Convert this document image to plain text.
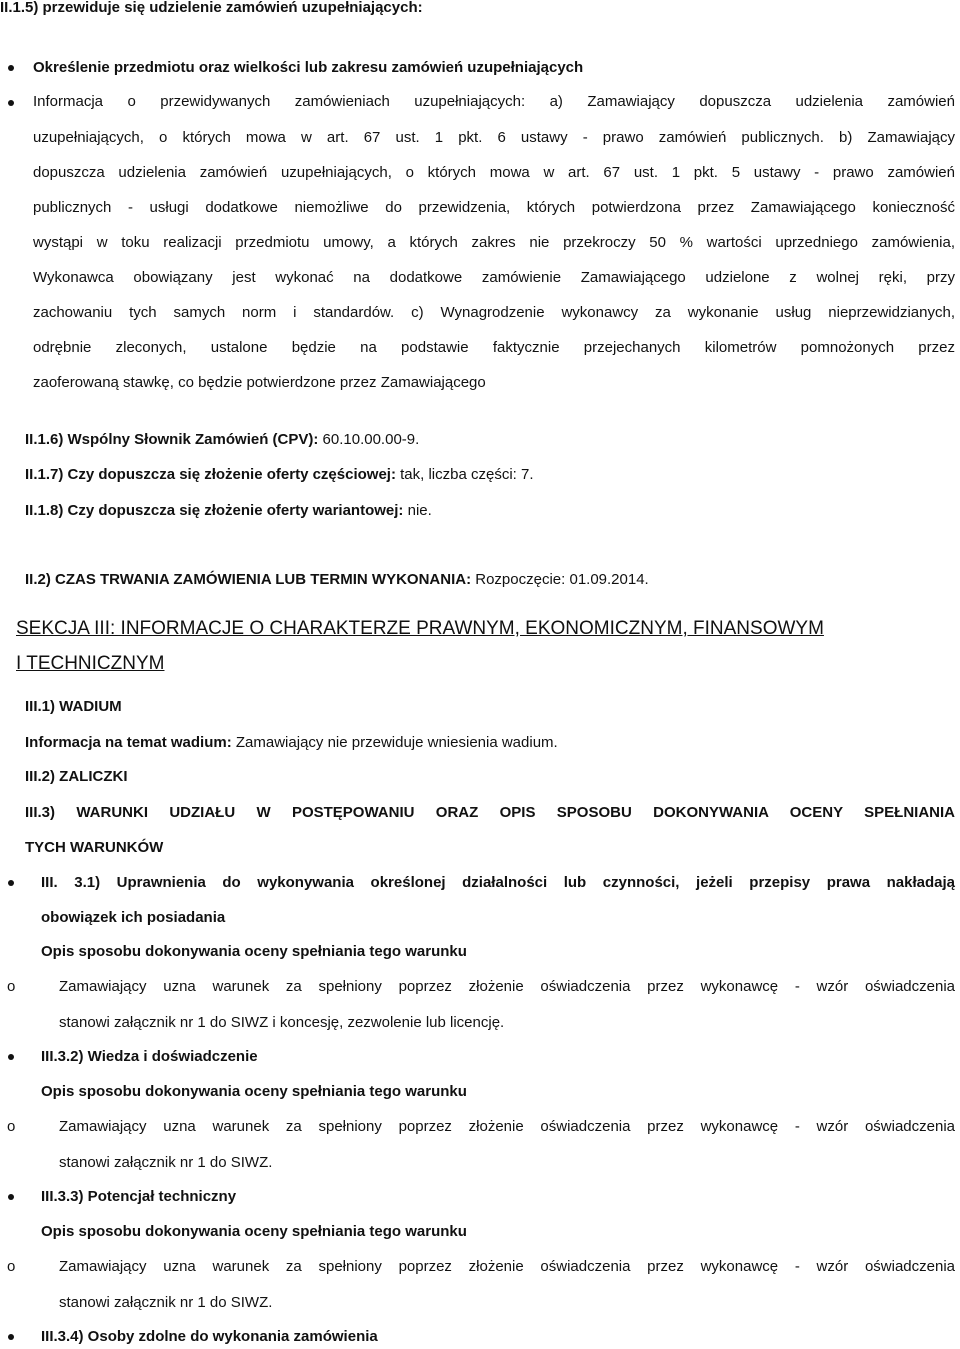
II.1.5) przewiduje się udzielenie zamówień uzupełniających:
Określenie przedmiotu oraz wielkości lub zakresu zamówień uzupełniających
Informacja o przewidywanych zamówieniach uzupełniających: a) Zamawiający dopuszcza udzielenia zamówień
uzupełniających, o których mowa w art. 67 ust. 1 pkt. 6 ustawy - prawo zamówień publicznych. b) Zamawiający
dopuszcza udzielenia zamówień uzupełniających, o których mowa w art. 67 ust. 1 pkt. 5 ustawy - prawo zamówień
publicznych - usługi dodatkowe niemożliwe do przewidzenia, których potwierdzona przez Zamawiającego konieczność
wystąpi w toku realizacji przedmiotu umowy, a których zakres nie przekroczy 50 % wartości uprzedniego zamówienia,
Wykonawca obowiązany jest wykonać na dodatkowe zamówienie Zamawiającego udzielone z wolnej ręki, przy
zachowaniu tych samych norm i standardów. c) Wynagrodzenie wykonawcy za wykonanie usług nieprzewidzianych,
odrębnie zleconych, ustalone będzie na podstawie faktycznie przejechanych kilometrów pomnożonych przez
zaoferowaną stawkę, co będzie potwierdzone przez Zamawiającego
II.1.6) Wspólny Słownik Zamówień (CPV): 60.10.00.00-9.
II.1.7) Czy dopuszcza się złożenie oferty częściowej: tak, liczba części: 7.
II.1.8) Czy dopuszcza się złożenie oferty wariantowej: nie.
II.2) CZAS TRWANIA ZAMÓWIENIA LUB TERMIN WYKONANIA: Rozpoczęcie: 01.09.2014.
SEKCJA III: INFORMACJE O CHARAKTERZE PRAWNYM, EKONOMICZNYM, FINANSOWYM
I TECHNICZNYM
III.1) WADIUM
Informacja na temat wadium: Zamawiający nie przewiduje wniesienia wadium.
III.2) ZALICZKI
III.3) WARUNKI UDZIAŁU W POSTĘPOWANIU ORAZ OPIS SPOSOBU DOKONYWANIA OCENY SPEŁNIANIA
TYCH WARUNKÓW
III. 3.1) Uprawnienia do wykonywania określonej działalności lub czynności, jeżeli przepisy prawa nakładają
obowiązek ich posiadania
Opis sposobu dokonywania oceny spełniania tego warunku
o	Zamawiający uzna warunek za spełniony poprzez złożenie oświadczenia przez wykonawcę - wzór oświadczenia
stanowi załącznik nr 1 do SIWZ i koncesję, zezwolenie lub licencję.
III.3.2) Wiedza i doświadczenie
Opis sposobu dokonywania oceny spełniania tego warunku
o	Zamawiający uzna warunek za spełniony poprzez złożenie oświadczenia przez wykonawcę - wzór oświadczenia
stanowi załącznik nr 1 do SIWZ.
III.3.3) Potencjał techniczny
Opis sposobu dokonywania oceny spełniania tego warunku
o	Zamawiający uzna warunek za spełniony poprzez złożenie oświadczenia przez wykonawcę - wzór oświadczenia
stanowi załącznik nr 1 do SIWZ.
III.3.4) Osoby zdolne do wykonania zamówienia
